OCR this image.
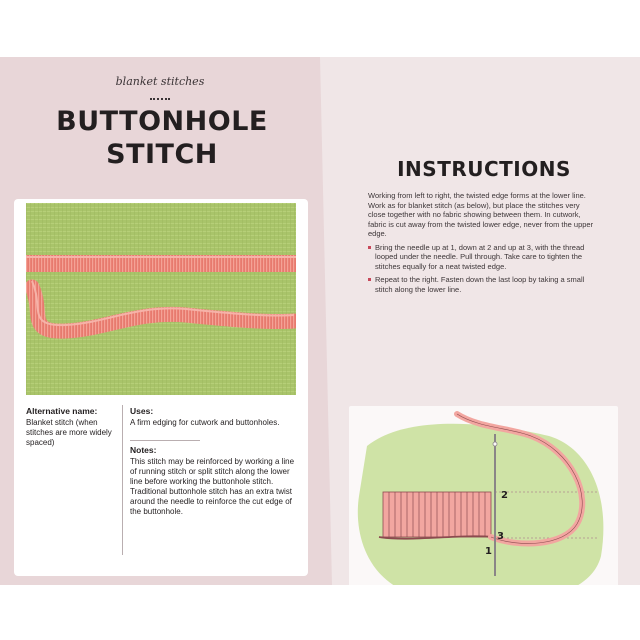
blanket stitches
BUTTONHOLE
STITCH
Alternative name:
Blanket stitch (when stitches are more widely spaced)
Uses:
A firm edging for cutwork and buttonholes.
Notes:
This stitch may be reinforced by working a line of running stitch or split stitch along the lower line before working the buttonhole stitch. Traditional buttonhole stitch has an extra twist around the needle to reinforce the cut edge of the buttonhole.
INSTRUCTIONS

Working from left to right, the twisted edge forms at the lower line. Work as for blanket stitch (as below), but place the stitches very close together with no fabric showing between them. In cutwork, fabric is cut away from the twisted lower edge, never from the upper edge.

Bring the needle up at 1, down at 2 and up at 3, with the thread looped under the needle. Pull through. Take care to tighten the stitches equally for a neat twisted edge.
Repeat to the right. Fasten down the last loop by taking a small stitch along the lower line.
2
3
1
